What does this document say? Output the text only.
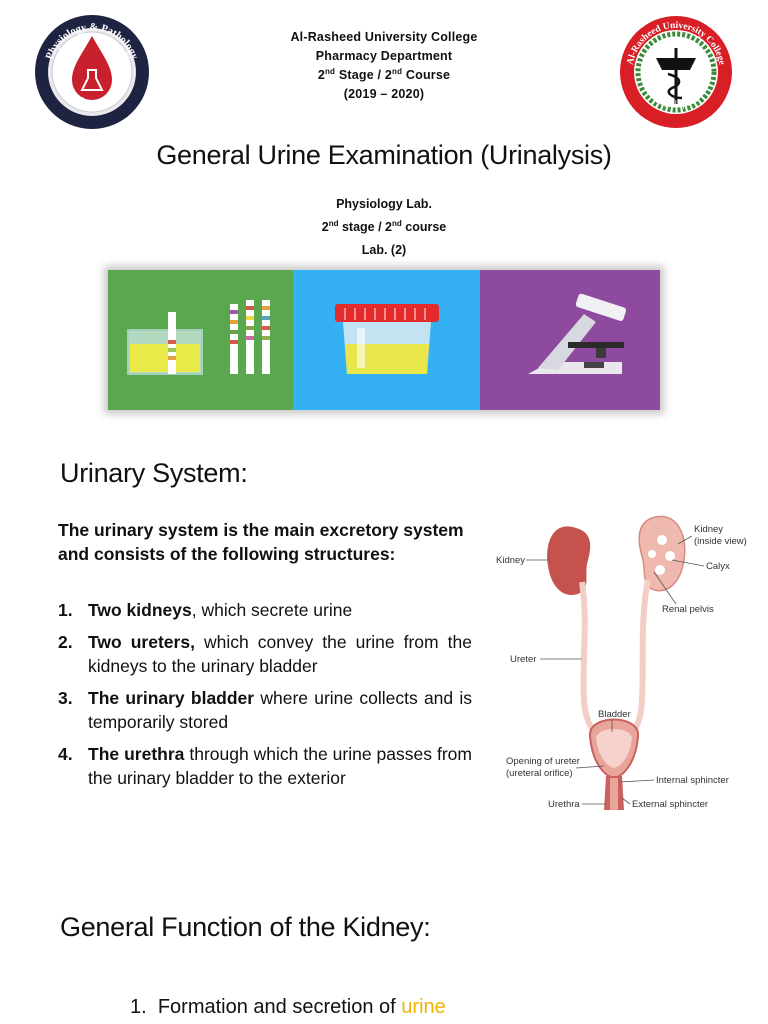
Physiology & Pathology
Laboratory
Al-Rasheed University College
Pharmacy Department
2nd Stage / 2nd Course
(2019 – 2020)
Al-Rasheed University College
قسم الصيدلة
General Urine Examination (Urinalysis)
Physiology Lab.
2nd stage / 2nd course
Lab. (2)
Urinary System:
The urinary system is the main excretory system and consists of the following structures:
1. Two kidneys, which secrete urine
2. Two ureters, which convey the urine from the kidneys to the urinary bladder
3. The urinary bladder where urine collects and is temporarily stored
4. The urethra through which the urine passes from the urinary bladder to the exterior
Kidney
Kidney
(inside view)
Calyx
Renal pelvis
Ureter
Bladder
Opening of ureter
(ureteral orifice)
Internal sphincter
Urethra	External sphincter
General Function of the Kidney:
1. Formation and secretion of urine
